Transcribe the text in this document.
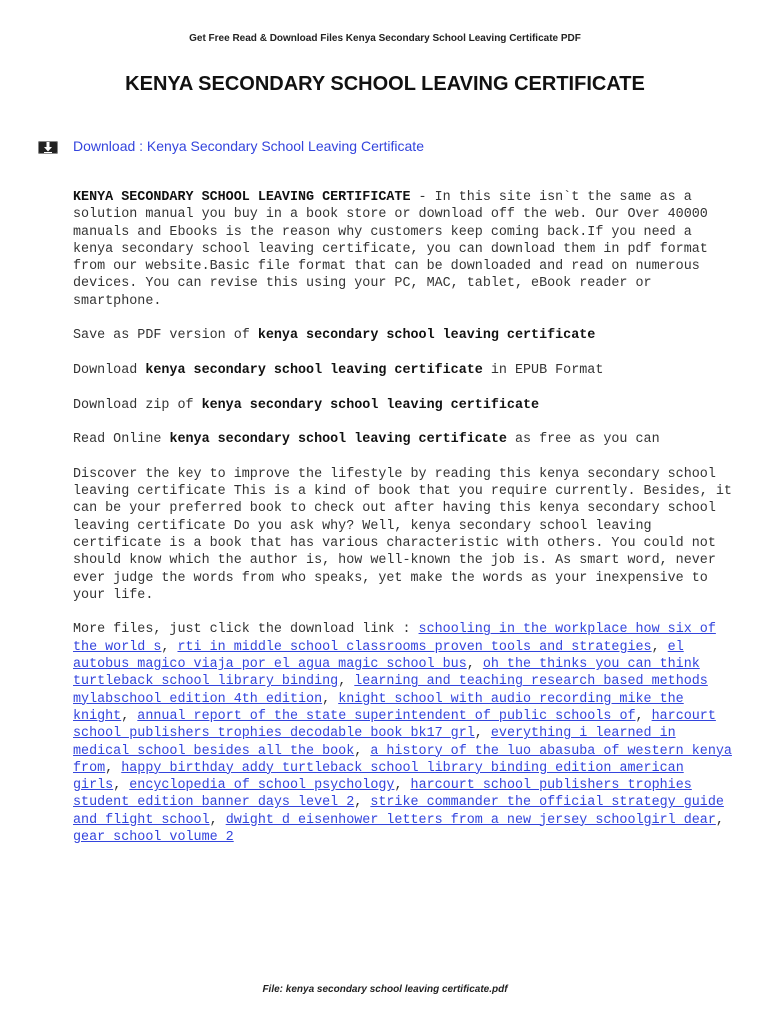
Get Free Read & Download Files Kenya Secondary School Leaving Certificate PDF
KENYA SECONDARY SCHOOL LEAVING CERTIFICATE
Download : Kenya Secondary School Leaving Certificate

KENYA SECONDARY SCHOOL LEAVING CERTIFICATE - In this site isn`t the same as a solution manual you buy in a book store or download off the web. Our Over 40000 manuals and Ebooks is the reason why customers keep coming back.If you need a kenya secondary school leaving certificate, you can download them in pdf format from our website.Basic file format that can be downloaded and read on numerous devices. You can revise this using your PC, MAC, tablet, eBook reader or smartphone.

Save as PDF version of kenya secondary school leaving certificate

Download kenya secondary school leaving certificate in EPUB Format

Download zip of kenya secondary school leaving certificate

Read Online kenya secondary school leaving certificate as free as you can

Discover the key to improve the lifestyle by reading this kenya secondary school leaving certificate This is a kind of book that you require currently. Besides, it can be your preferred book to check out after having this kenya secondary school leaving certificate Do you ask why? Well, kenya secondary school leaving certificate is a book that has various characteristic with others. You could not should know which the author is, how well-known the job is. As smart word, never ever judge the words from who speaks, yet make the words as your inexpensive to your life.

More files, just click the download link : schooling in the workplace how six of the world s, rti in middle school classrooms proven tools and strategies, el autobus magico viaja por el agua magic school bus, oh the thinks you can think turtleback school library binding, learning and teaching research based methods mylabschool edition 4th edition, knight school with audio recording mike the knight, annual report of the state superintendent of public schools of, harcourt school publishers trophies decodable book bk17 grl, everything i learned in medical school besides all the book, a history of the luo abasuba of western kenya from, happy birthday addy turtleback school library binding edition american girls, encyclopedia of school psychology, harcourt school publishers trophies student edition banner days level 2, strike commander the official strategy guide and flight school, dwight d eisenhower letters from a new jersey schoolgirl dear, gear school volume 2

File: kenya secondary school leaving certificate.pdf
